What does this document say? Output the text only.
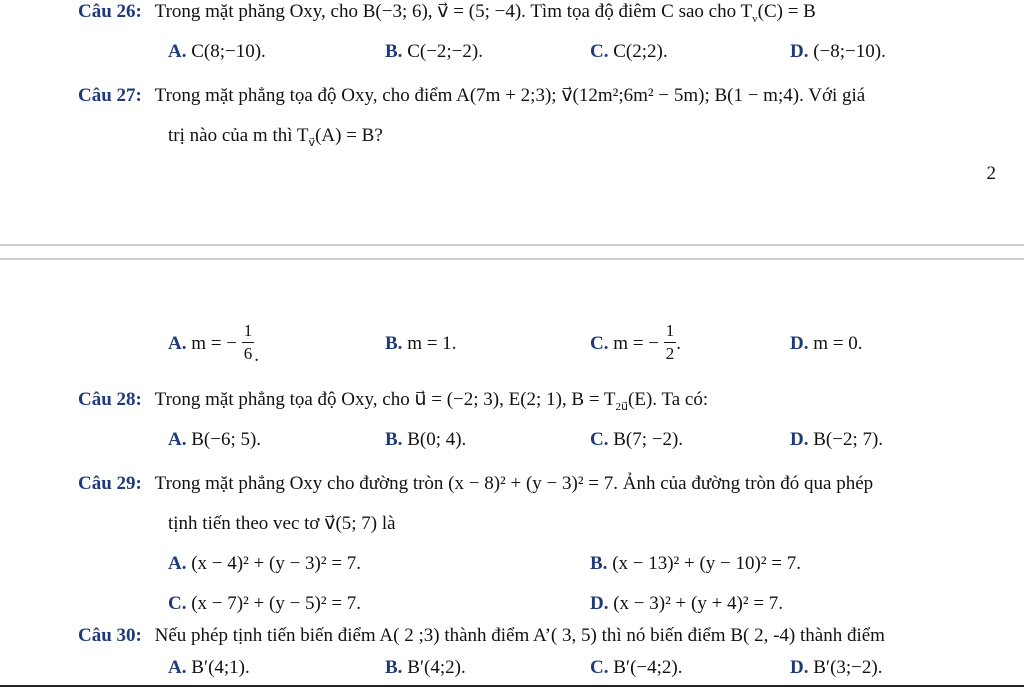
Câu 26: Trong mặt phăng Oxy, cho B(−3; 6), v⃗ = (5; −4). Tìm tọa độ điêm C sao cho $T_v(C) = B$
A. C(8;−10).	B. C(−2;−2).	C. C(2;2).	D. (−8;−10).
Câu 27: Trong mặt phẳng tọa độ Oxy, cho điểm A(7m + 2;3); v⃗(12m²;6m² − 5m); B(1 − m;4). Với giá
trị nào của m thì $T_{v⃗}(A) = B$?
2
A. m = − $\frac{1}{6}$ .
B. m = 1.	C. m = − $\frac{1}{2}$ .	D. m = 0.
Câu 28: Trong mặt phẳng tọa độ Oxy, cho u⃗ = (−2; 3), E(2; 1), $B = T_{2u⃗}(E)$. Ta có:
A. B(−6; 5).	B. B(0; 4).	C. B(7; −2).	D. B(−2; 7).
Câu 29: Trong mặt phẳng Oxy cho đường tròn (x − 8)² + (y − 3)² = 7. Ảnh của đường tròn đó qua phép
tịnh tiến theo vec tơ v⃗(5; 7) là
A. (x − 4)² + (y − 3)² = 7.	B. (x − 13)² + (y − 10)² = 7.
C. (x − 7)² + (y − 5)² = 7.	D. (x − 3)² + (y + 4)² = 7.
Câu 30: Nếu phép tịnh tiến biến điểm A( 2 ;3) thành điểm A’( 3, 5) thì nó biến điểm B( 2, -4) thành điểm
A. B′(4;1).	B. B′(4;2).	C. B′(−4;2).	D. B′(3;−2).
